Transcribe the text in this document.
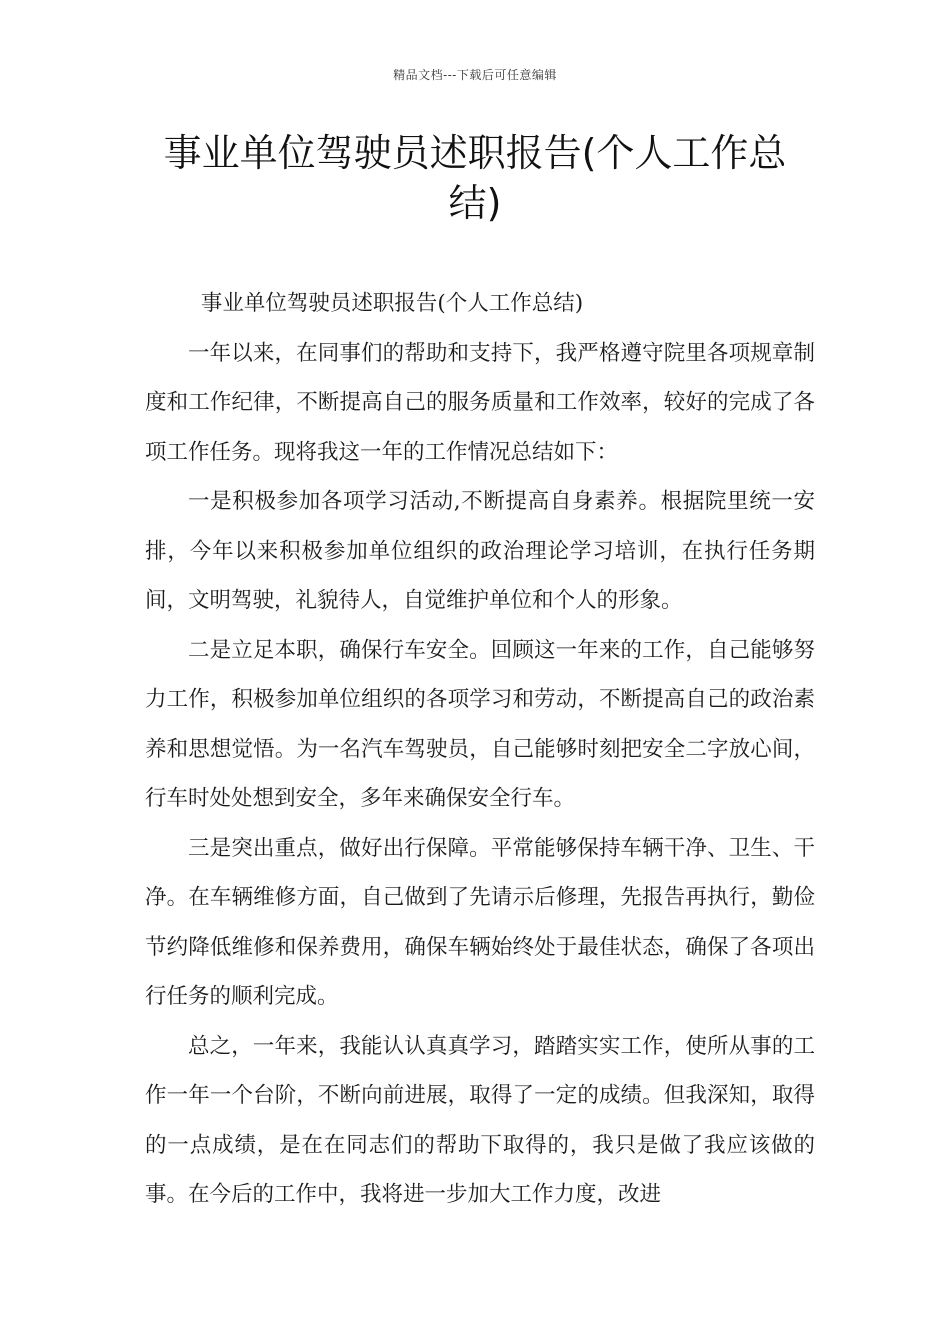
精品文档---下载后可任意编辑
事业单位驾驶员述职报告(个人工作总结)

事业单位驾驶员述职报告(个人工作总结)

一年以来，在同事们的帮助和支持下，我严格遵守院里各项规章制度和工作纪律，不断提高自己的服务质量和工作效率，较好的完成了各项工作任务。现将我这一年的工作情况总结如下：

一是积极参加各项学习活动,不断提高自身素养。根据院里统一安排，今年以来积极参加单位组织的政治理论学习培训，在执行任务期间，文明驾驶，礼貌待人，自觉维护单位和个人的形象。

二是立足本职，确保行车安全。回顾这一年来的工作，自己能够努力工作，积极参加单位组织的各项学习和劳动，不断提高自己的政治素养和思想觉悟。为一名汽车驾驶员，自己能够时刻把安全二字放心间，行车时处处想到安全，多年来确保安全行车。

三是突出重点，做好出行保障。平常能够保持车辆干净、卫生、干净。在车辆维修方面，自己做到了先请示后修理，先报告再执行，勤俭节约降低维修和保养费用，确保车辆始终处于最佳状态，确保了各项出行任务的顺利完成。

总之，一年来，我能认认真真学习，踏踏实实工作，使所从事的工作一年一个台阶，不断向前进展，取得了一定的成绩。但我深知，取得的一点成绩，是在在同志们的帮助下取得的，我只是做了我应该做的事。在今后的工作中，我将进一步加大工作力度，改进
